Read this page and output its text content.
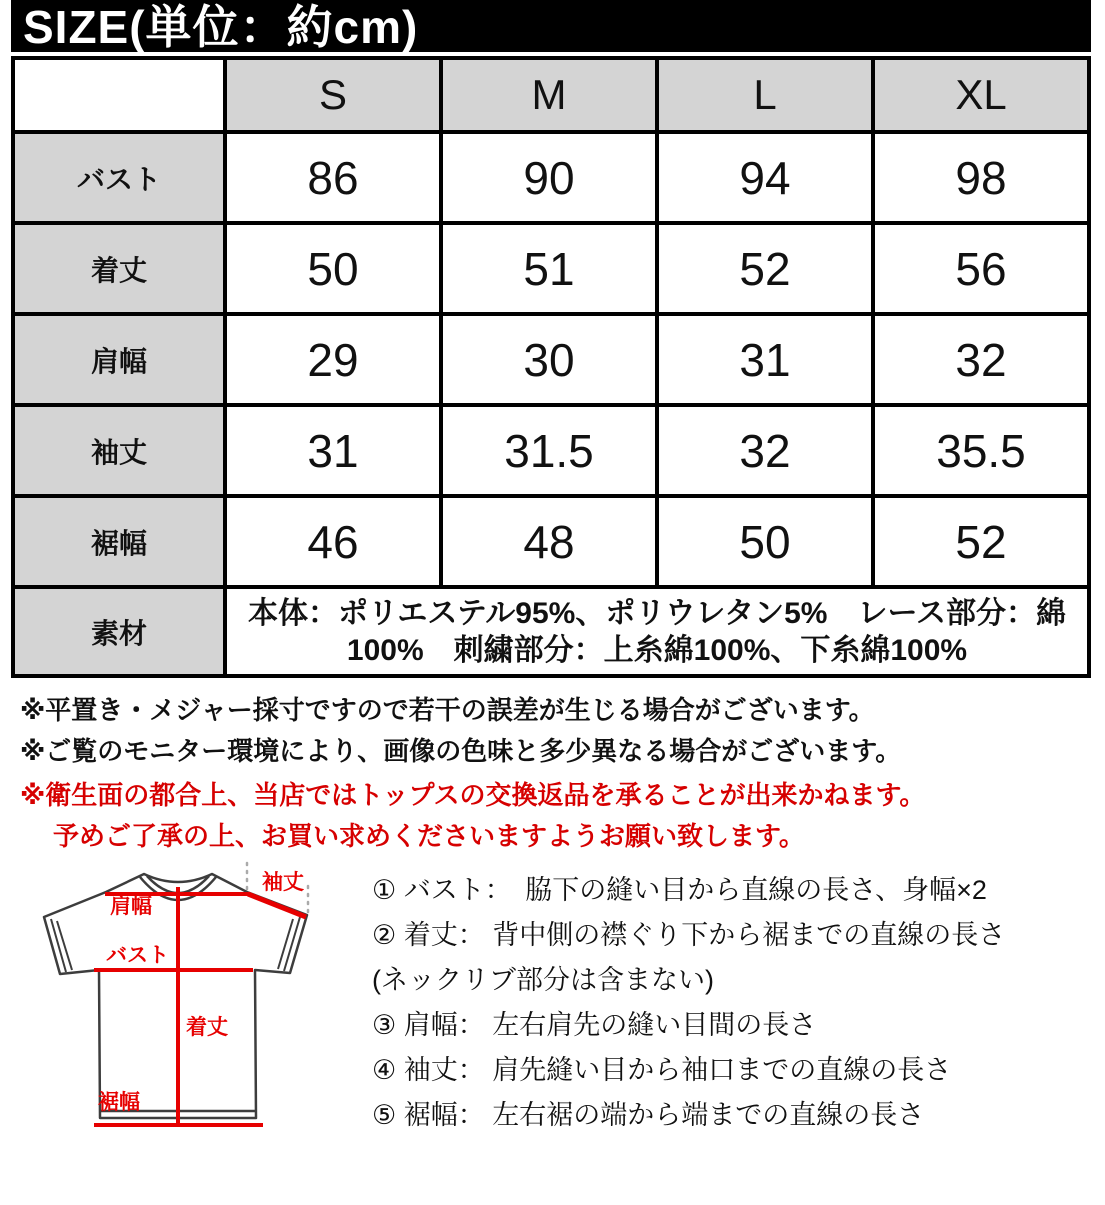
SIZE(単位：約cm)
	S	M	L	XL
バスト	86	90	94	98
着丈	50	51	52	56
肩幅	29	30	31	32
袖丈	31	31.5	32	35.5
裾幅	46	48	50	52
素材	本体：ポリエステル95%、ポリウレタン5%　レース部分：綿
100%　刺繍部分：上糸綿100%、下糸綿100%			
※平置き・メジャー採寸ですので若干の誤差が生じる場合がございます。
※ご覧のモニター環境により、画像の色味と多少異なる場合がございます。
※衛生面の都合上、当店ではトップスの交換返品を承ることが出来かねます。
予めご了承の上、お買い求めくださいますようお願い致します。
袖丈
肩幅
バスト
着丈
裾幅
① バスト：　脇下の縫い目から直線の長さ、身幅×2
② 着丈： 背中側の襟ぐり下から裾までの直線の長さ
(ネックリブ部分は含まない)
③ 肩幅： 左右肩先の縫い目間の長さ
④ 袖丈： 肩先縫い目から袖口までの直線の長さ
⑤ 裾幅： 左右裾の端から端までの直線の長さ
